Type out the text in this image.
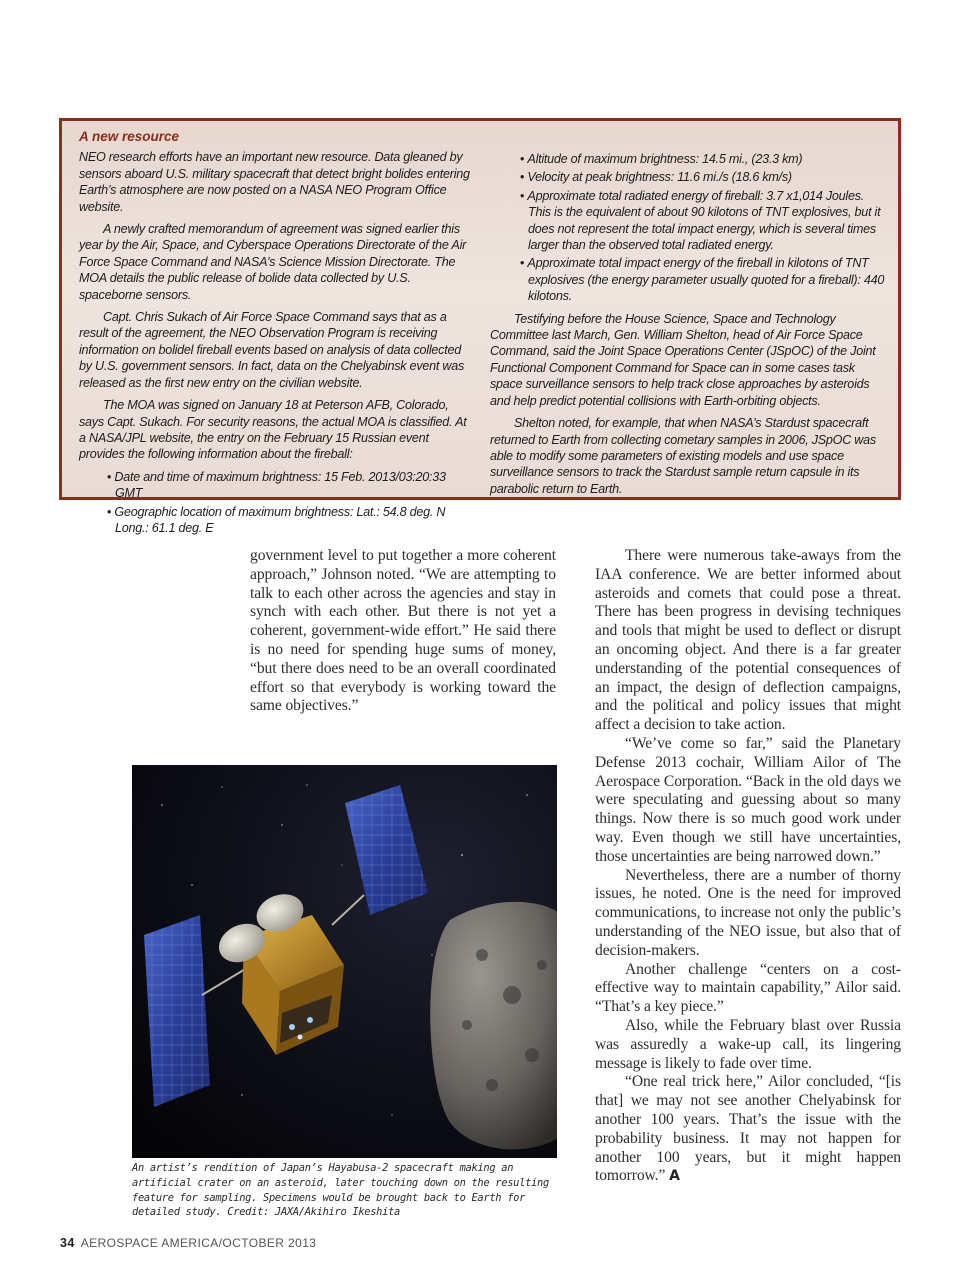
A new resource

NEO research efforts have an important new resource. Data gleaned by sensors aboard U.S. military spacecraft that detect bright bolides entering Earth’s atmosphere are now posted on a NASA NEO Program Office website.

A newly crafted memorandum of agreement was signed earlier this year by the Air, Space, and Cyberspace Operations Directorate of the Air Force Space Command and NASA’s Science Mission Directorate. The MOA details the public release of bolide data collected by U.S. spaceborne sensors.

Capt. Chris Sukach of Air Force Space Command says that as a result of the agreement, the NEO Observation Program is receiving information on bolidel fireball events based on analysis of data collected by U.S. government sensors. In fact, data on the Chelyabinsk event was released as the first new entry on the civilian website.

The MOA was signed on January 18 at Peterson AFB, Colorado, says Capt. Sukach. For security reasons, the actual MOA is classified. At a NASA/JPL website, the entry on the February 15 Russian event provides the following information about the fireball:

• Date and time of maximum brightness: 15 Feb. 2013/03:20:33 GMT
• Geographic location of maximum brightness: Lat.: 54.8 deg. N Long.: 61.1 deg. E
• Altitude of maximum brightness: 14.5 mi., (23.3 km)
• Velocity at peak brightness: 11.6 mi./s (18.6 km/s)
• Approximate total radiated energy of fireball: 3.7 x1,014 Joules. This is the equivalent of about 90 kilotons of TNT explosives, but it does not represent the total impact energy, which is several times larger than the observed total radiated energy.
• Approximate total impact energy of the fireball in kilotons of TNT explosives (the energy parameter usually quoted for a fireball): 440 kilotons.

Testifying before the House Science, Space and Technology Committee last March, Gen. William Shelton, head of Air Force Space Command, said the Joint Space Operations Center (JSpOC) of the Joint Functional Component Command for Space can in some cases task space surveillance sensors to help track close approaches by asteroids and help predict potential collisions with Earth-orbiting objects.

Shelton noted, for example, that when NASA’s Stardust spacecraft returned to Earth from collecting cometary samples in 2006, JSpOC was able to modify some parameters of existing models and use space surveillance sensors to track the Stardust sample return capsule in its parabolic return to Earth.

government level to put together a more coherent approach,” Johnson noted. “We are attempting to talk to each other across the agencies and stay in synch with each other. But there is not yet a coherent, government-wide effort.” He said there is no need for spending huge sums of money, “but there does need to be an overall coordinated effort so that everybody is working toward the same objectives.”

There were numerous take-aways from the IAA conference. We are better informed about asteroids and comets that could pose a threat. There has been progress in devising techniques and tools that might be used to deflect or disrupt an oncoming object. And there is a far greater understanding of the potential consequences of an impact, the design of deflection campaigns, and the political and policy issues that might affect a decision to take action.

“We’ve come so far,” said the Planetary Defense 2013 cochair, William Ailor of The Aerospace Corporation. “Back in the old days we were speculating and guessing about so many things. Now there is so much good work under way. Even though we still have uncertainties, those uncertainties are being narrowed down.”

Nevertheless, there are a number of thorny issues, he noted. One is the need for improved communications, to increase not only the public’s understanding of the NEO issue, but also that of decision-makers.

Another challenge “centers on a cost-effective way to maintain capability,” Ailor said. “That’s a key piece.”

Also, while the February blast over Russia was assuredly a wake-up call, its lingering message is likely to fade over time.

“One real trick here,” Ailor concluded, “[is that] we may not see another Chelyabinsk for another 100 years. That’s the issue with the probability business. It may not happen for another 100 years, but it might happen tomorrow.” A

An artist’s rendition of Japan’s Hayabusa-2 spacecraft making an artificial crater on an asteroid, later touching down on the resulting feature for sampling. Specimens would be brought back to Earth for detailed study. Credit: JAXA/Akihiro Ikeshita
34 AEROSPACE AMERICA/OCTOBER 2013
